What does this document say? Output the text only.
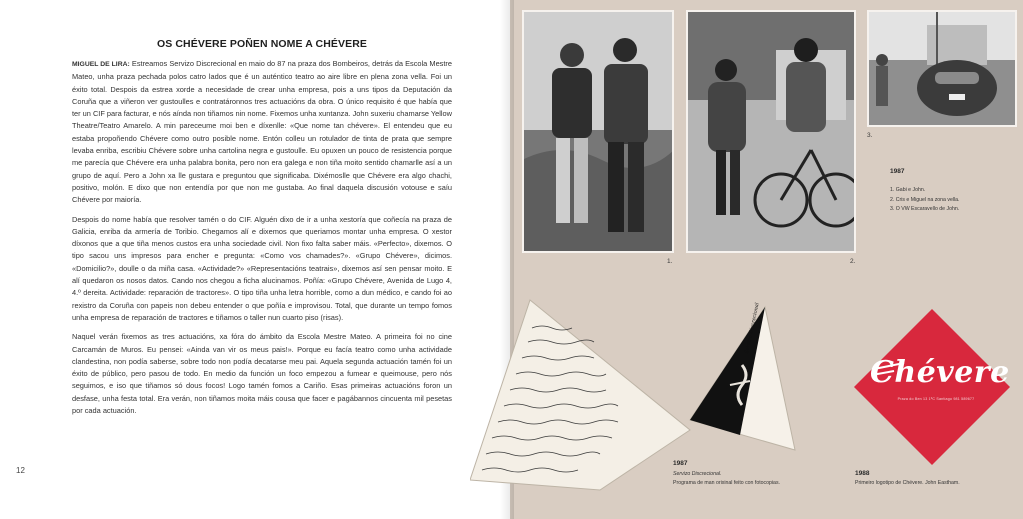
OS CHÉVERE POÑEN NOME A CHÉVERE

MIGUEL DE LIRA: Estreamos Servizo Discrecional en maio do 87 na praza dos Bombeiros, detrás da Escola Mestre Mateo, unha praza pechada polos catro lados que é un auténtico teatro ao aire libre en plena zona vella. Foi un éxito total. Despois da estrea xorde a necesidade de crear unha empresa, pois a uns tipos da Deputación da Coruña que a viñeron ver gustoulles e contratáronnos tres actuacións da obra. O único requisito é que había que ter un CIF para facturar, e nós aínda non tiñamos nin nome. Fixemos unha xuntanza. John suxeriu chamarse Yellow Theatre/Teatro Amarelo. A min pareceume moi ben e díxenlle: «Que nome tan chévere». El entendeu que eu estaba propoñendo Chévere como outro posible nome. Entón colleu un rotulador de tinta de prata que sempre levaba enriba, escribiu Chévere sobre unha cartolina negra e gustoulle. Eu opuxen un pouco de resistencia porque me parecía que Chévere era unha palabra bonita, pero non era galega e non tiña moito sentido chamarlle así a un grupo de aquí. Pero a John xa lle gustara e preguntou que significaba. Dixémoslle que Chévere era algo chachi, positivo, molón. E dixo que non entendía por que non me gustaba. Ao final daquela discusión votouse e saíu Chévere por maioría.

Despois do nome había que resolver tamén o do CIF. Alguén dixo de ir a unha xestoría que coñecía na praza de Galicia, enriba da armería de Toribio. Chegamos alí e dixemos que queriamos montar unha empresa. O xestor díxonos que a que tiña menos custos era unha sociedade civil. Non fixo falta saber máis. «Perfecto», dixemos. O tipo sacou uns impresos para encher e pregunta: «Como vos chamades?». «Grupo Chévere», dicimos. «Domicilio?», doulle o da miña casa. «Actividade?» «Representacións teatrais», dixemos así sen pensar moito. E alí quedaron os nosos datos. Cando nos chegou a ficha alucinamos. Poñía: «Grupo Chévere, Avenida de Lugo 4, 4.º dereita. Actividade: reparación de tractores». O tipo tiña unha letra horrible, como a dun médico, e cando foi ao rexistro da Coruña con papeis non debeu entender o que poñía e improvisou. Total, que durante un tempo fomos unha empresa de reparación de tractores e tiñamos o taller nun cuarto piso (risas).

Naquel verán fixemos as tres actuacións, xa fóra do ámbito da Escola Mestre Mateo. A primeira foi no cine Carcamán de Muros. Eu pensei: «Ainda van vir os meus pais!». Porque eu facía teatro como unha actividade clandestina, non podía saberse, sobre todo non podía decatarse meu pai. Aquela segunda actuación tamén foi un éxito de público, pero pasou de todo. En medio da función un foco empezou a fumear e queimouse, pero nós seguimos, e iso que tiñamos só dous focos! Logo tamén fomos a Cariño. Esas primeiras actuacións foron un desfase, unha festa total. Era verán, non tiñamos moita máis cousa que facer e pagábannos cincuenta mil pesetas por cada actuación.

12
1.	2.
3.
1987
1. Gabi e John.
2. Cris e Miguel na zona vella.
3. O VW Escaravello de John.
Servizo Discrecional
1987
Servizo Discrecional.
Programa de man orixinal feito con fotocopias.
Chévere
Praza do Ben 13 1ºC Santiago 981 589677
1988
Primeiro logotipo de Chévere. John Eastham.
